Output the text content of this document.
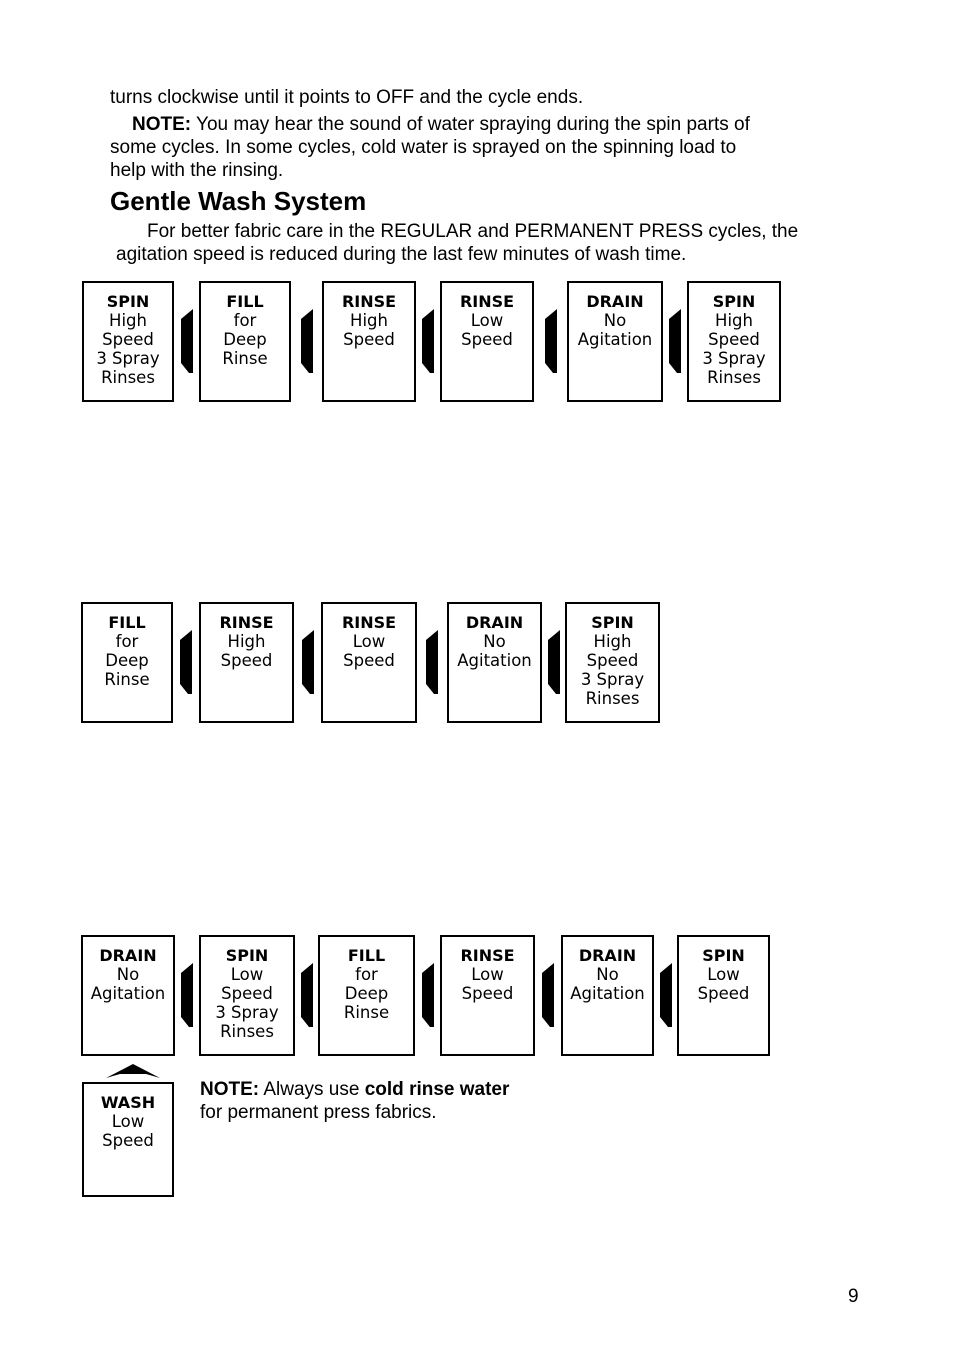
turns clockwise until it points to OFF and the cycle ends.

NOTE: You may hear the sound of water spraying during the spin parts of

some cycles. In some cycles, cold water is sprayed on the spinning load to

help with the rinsing.

Gentle Wash System

For better fabric care in the REGULAR and PERMANENT PRESS cycles, the

agitation speed is reduced during the last few minutes of wash time.

SPIN
High
Speed
3 Spray
Rinses
FILL
for
Deep
Rinse
RINSE
High
Speed
RINSE
Low
Speed
DRAIN
No
Agitation
SPIN
High
Speed
3 Spray
Rinses
FILL
for
Deep
Rinse
RINSE
High
Speed
RINSE
Low
Speed
DRAIN
No
Agitation
SPIN
High
Speed
3 Spray
Rinses
DRAIN
No
Agitation
SPIN
Low
Speed
3 Spray
Rinses
FILL
for
Deep
Rinse
RINSE
Low
Speed
DRAIN
No
Agitation
SPIN
Low
Speed
WASH
Low
Speed

NOTE: Always use cold rinse water

for permanent press fabrics.

9
